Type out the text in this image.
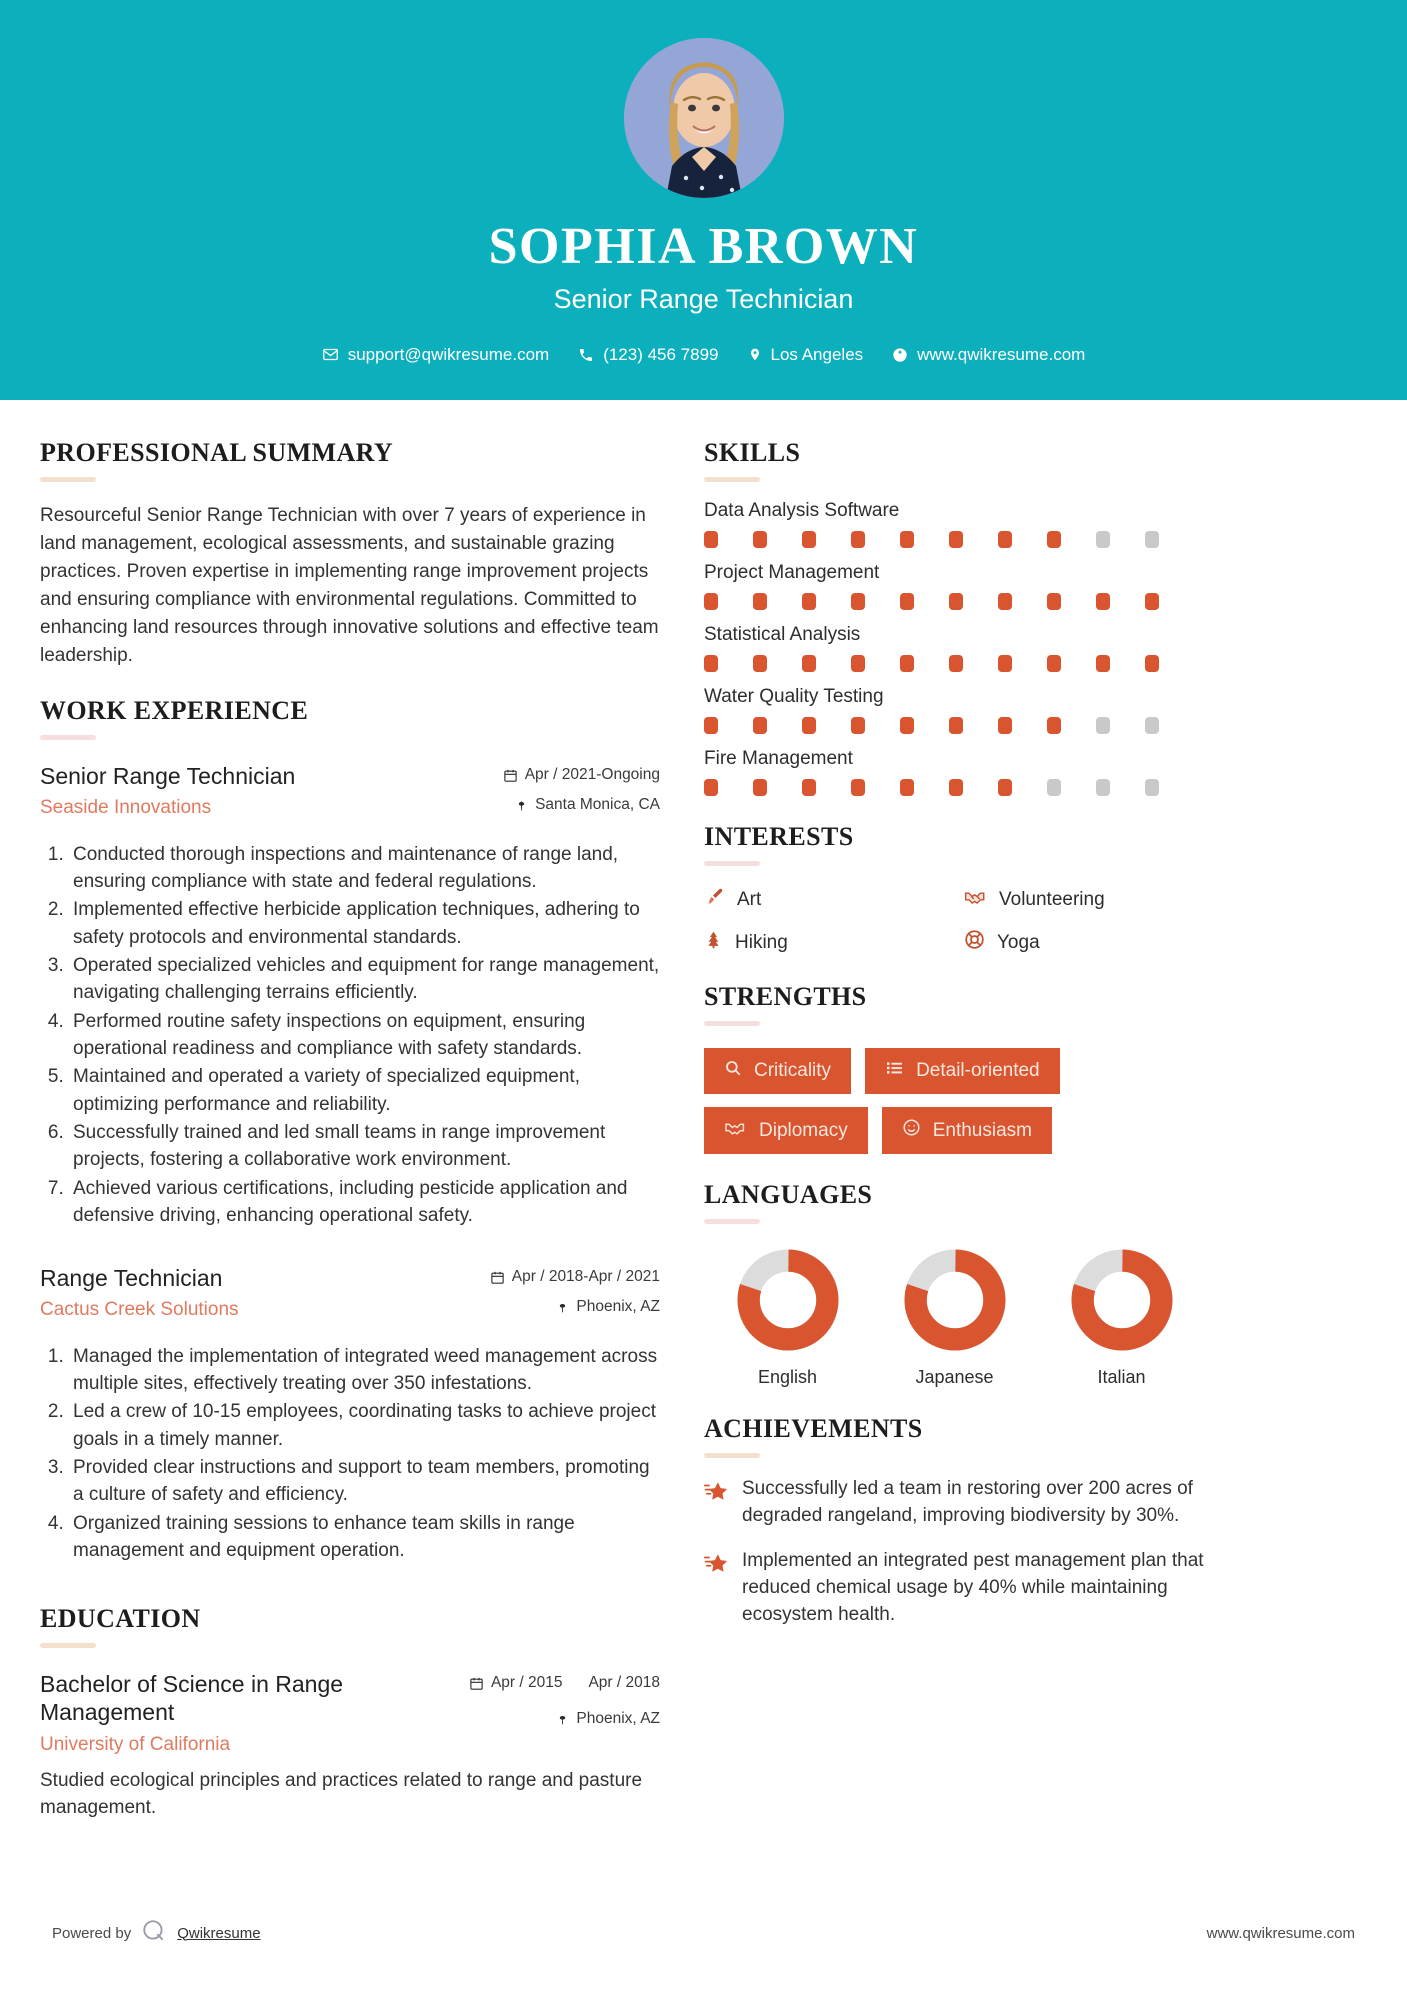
SOPHIA BROWN
Senior Range Technician
support@qwikresume.com	(123) 456 7899	Los Angeles	www.qwikresume.com
PROFESSIONAL SUMMARY

Resourceful Senior Range Technician with over 7 years of experience in land management, ecological assessments, and sustainable grazing practices. Proven expertise in implementing range improvement projects and ensuring compliance with environmental regulations. Committed to enhancing land resources through innovative solutions and effective team leadership.

WORK EXPERIENCE
Senior Range Technician
Seaside Innovations
Apr / 2021-Ongoing
Santa Monica, CA
1. Conducted thorough inspections and maintenance of range land, ensuring compliance with state and federal regulations.
2. Implemented effective herbicide application techniques, adhering to safety protocols and environmental standards.
3. Operated specialized vehicles and equipment for range management, navigating challenging terrains efficiently.
4. Performed routine safety inspections on equipment, ensuring operational readiness and compliance with safety standards.
5. Maintained and operated a variety of specialized equipment, optimizing performance and reliability.
6. Successfully trained and led small teams in range improvement projects, fostering a collaborative work environment.
7. Achieved various certifications, including pesticide application and defensive driving, enhancing operational safety.
Range Technician
Cactus Creek Solutions
Apr / 2018-Apr / 2021
Phoenix, AZ
1. Managed the implementation of integrated weed management across multiple sites, effectively treating over 350 infestations.
2. Led a crew of 10-15 employees, coordinating tasks to achieve project goals in a timely manner.
3. Provided clear instructions and support to team members, promoting a culture of safety and efficiency.
4. Organized training sessions to enhance team skills in range management and equipment operation.
EDUCATION
Bachelor of Science in Range Management
University of California
Apr / 2015 Apr / 2018
Phoenix, AZ

Studied ecological principles and practices related to range and pasture management.

SKILLS
Data Analysis Software
Project Management
Statistical Analysis
Water Quality Testing
Fire Management
INTERESTS
Art	Volunteering
Hiking	Yoga
STRENGTHS
Criticality	Detail-oriented
Diplomacy	Enthusiasm
LANGUAGES
English	Japanese	Italian
ACHIEVEMENTS
Successfully led a team in restoring over 200 acres of degraded rangeland, improving biodiversity by 30%.
Implemented an integrated pest management plan that reduced chemical usage by 40% while maintaining ecosystem health.
Powered by	Qwikresume	www.qwikresume.com
